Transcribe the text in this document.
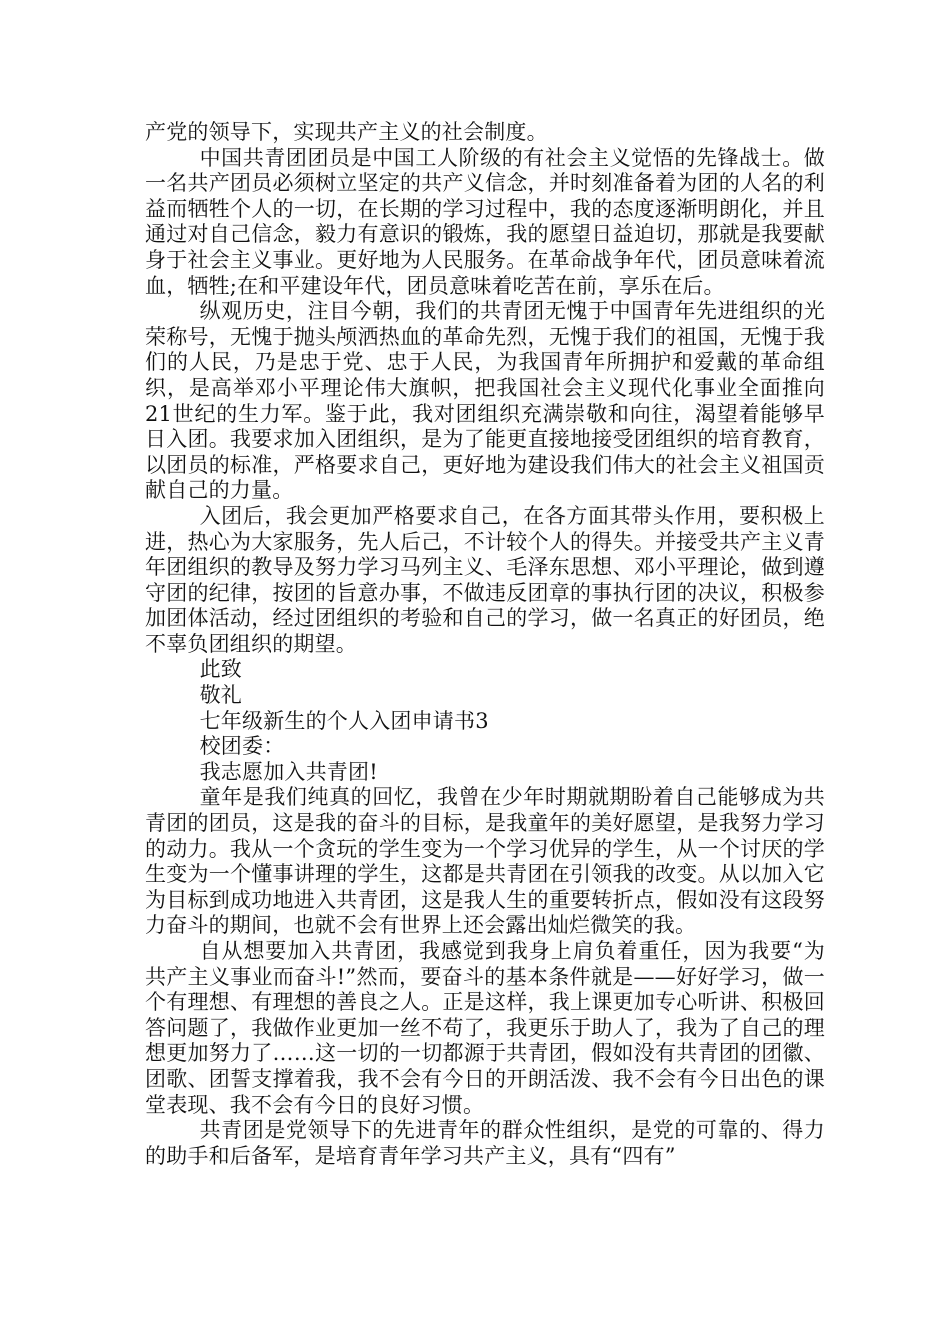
产党的领导下，实现共产主义的社会制度。

中国共青团团员是中国工人阶级的有社会主义觉悟的先锋战士。做一名共产团员必须树立坚定的共产义信念，并时刻准备着为团的人名的利益而牺牲个人的一切，在长期的学习过程中，我的态度逐渐明朗化，并且通过对自己信念，毅力有意识的锻炼，我的愿望日益迫切，那就是我要献身于社会主义事业。更好地为人民服务。在革命战争年代，团员意味着流血，牺牲;在和平建设年代，团员意味着吃苦在前，享乐在后。

纵观历史，注目今朝，我们的共青团无愧于中国青年先进组织的光荣称号，无愧于抛头颅洒热血的革命先烈，无愧于我们的祖国，无愧于我们的人民，乃是忠于党、忠于人民，为我国青年所拥护和爱戴的革命组织，是高举邓小平理论伟大旗帜，把我国社会主义现代化事业全面推向21世纪的生力军。鉴于此，我对团组织充满崇敬和向往，渴望着能够早日入团。我要求加入团组织，是为了能更直接地接受团组织的培育教育，以团员的标准，严格要求自己，更好地为建设我们伟大的社会主义祖国贡献自己的力量。

入团后，我会更加严格要求自己，在各方面其带头作用，要积极上进，热心为大家服务，先人后己，不计较个人的得失。并接受共产主义青年团组织的教导及努力学习马列主义、毛泽东思想、邓小平理论，做到遵守团的纪律，按团的旨意办事，不做违反团章的事执行团的决议，积极参加团体活动，经过团组织的考验和自己的学习，做一名真正的好团员，绝不辜负团组织的期望。

此致

敬礼

七年级新生的个人入团申请书3

校团委：

我志愿加入共青团!

童年是我们纯真的回忆，我曾在少年时期就期盼着自己能够成为共青团的团员，这是我的奋斗的目标，是我童年的美好愿望，是我努力学习的动力。我从一个贪玩的学生变为一个学习优异的学生，从一个讨厌的学生变为一个懂事讲理的学生，这都是共青团在引领我的改变。从以加入它为目标到成功地进入共青团，这是我人生的重要转折点，假如没有这段努力奋斗的期间，也就不会有世界上还会露出灿烂微笑的我。

自从想要加入共青团，我感觉到我身上肩负着重任，因为我要“为共产主义事业而奋斗!”然而，要奋斗的基本条件就是——好好学习，做一个有理想、有理想的善良之人。正是这样，我上课更加专心听讲、积极回答问题了，我做作业更加一丝不苟了，我更乐于助人了，我为了自己的理想更加努力了……这一切的一切都源于共青团，假如没有共青团的团徽、团歌、团誓支撑着我，我不会有今日的开朗活泼、我不会有今日出色的课堂表现、我不会有今日的良好习惯。

共青团是党领导下的先进青年的群众性组织，是党的可靠的、得力的助手和后备军，是培育青年学习共产主义，具有“四有”
